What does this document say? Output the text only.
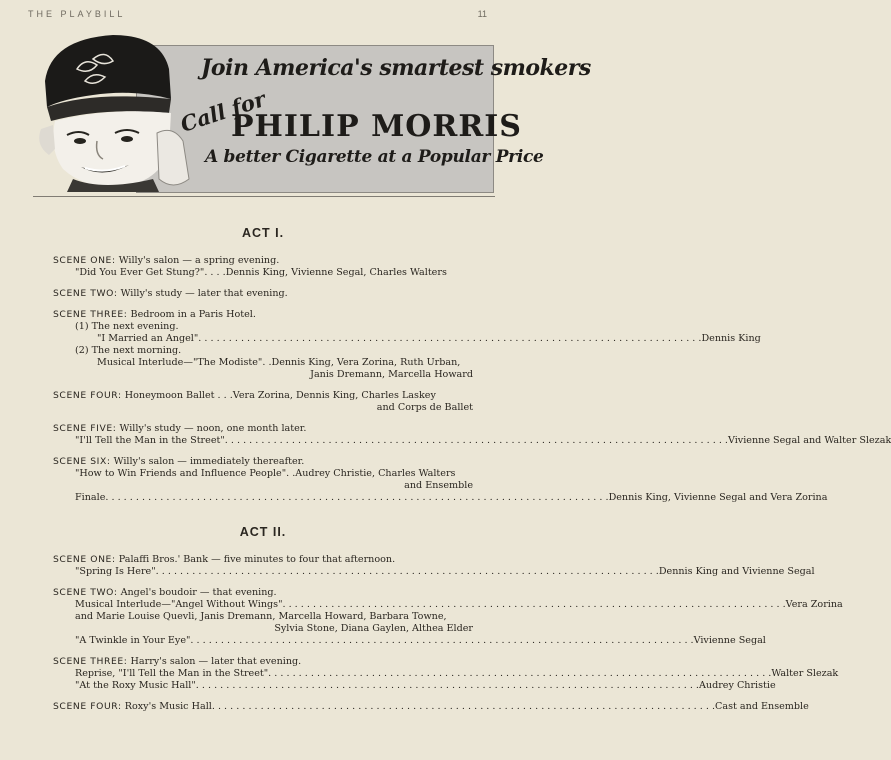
THE PLAYBILL	11
Join America's smartest smokers
Call for
PHILIP MORRIS
A better Cigarette at a Popular Price
ACT I.
SCENE ONE: Willy's salon — a spring evening.
"Did You Ever Get Stung?". . . .Dennis King, Vivienne Segal, Charles Walters
SCENE TWO: Willy's study — later that evening.
SCENE THREE: Bedroom in a Paris Hotel.
(1) The next evening.
"I Married an Angel" . . .	Dennis King
(2) The next morning.
Musical Interlude—"The Modiste". .Dennis King, Vera Zorina, Ruth Urban,
Janis Dremann, Marcella Howard
SCENE FOUR: Honeymoon Ballet . . .Vera Zorina, Dennis King, Charles Laskey
and Corps de Ballet
SCENE FIVE: Willy's study — noon, one month later.
"I'll Tell the Man in the Street" . . .	Vivienne Segal and Walter Slezak
SCENE SIX: Willy's salon — immediately thereafter.
"How to Win Friends and Influence People". .Audrey Christie, Charles Walters
and Ensemble
Finale . . .	Dennis King, Vivienne Segal and Vera Zorina
ACT II.
SCENE ONE: Palaffi Bros.' Bank — five minutes to four that afternoon.
"Spring Is Here" . . .	Dennis King and Vivienne Segal
SCENE TWO: Angel's boudoir — that evening.
Musical Interlude—"Angel Without Wings" . . .	Vera Zorina
and Marie Louise Quevli, Janis Dremann, Marcella Howard, Barbara Towne,
Sylvia Stone, Diana Gaylen, Althea Elder
"A Twinkle in Your Eye" . . .	Vivienne Segal
SCENE THREE: Harry's salon — later that evening.
Reprise, "I'll Tell the Man in the Street" . . .	Walter Slezak
"At the Roxy Music Hall" . . .	Audrey Christie
SCENE FOUR: Roxy's Music Hall . . .	Cast and Ensemble
